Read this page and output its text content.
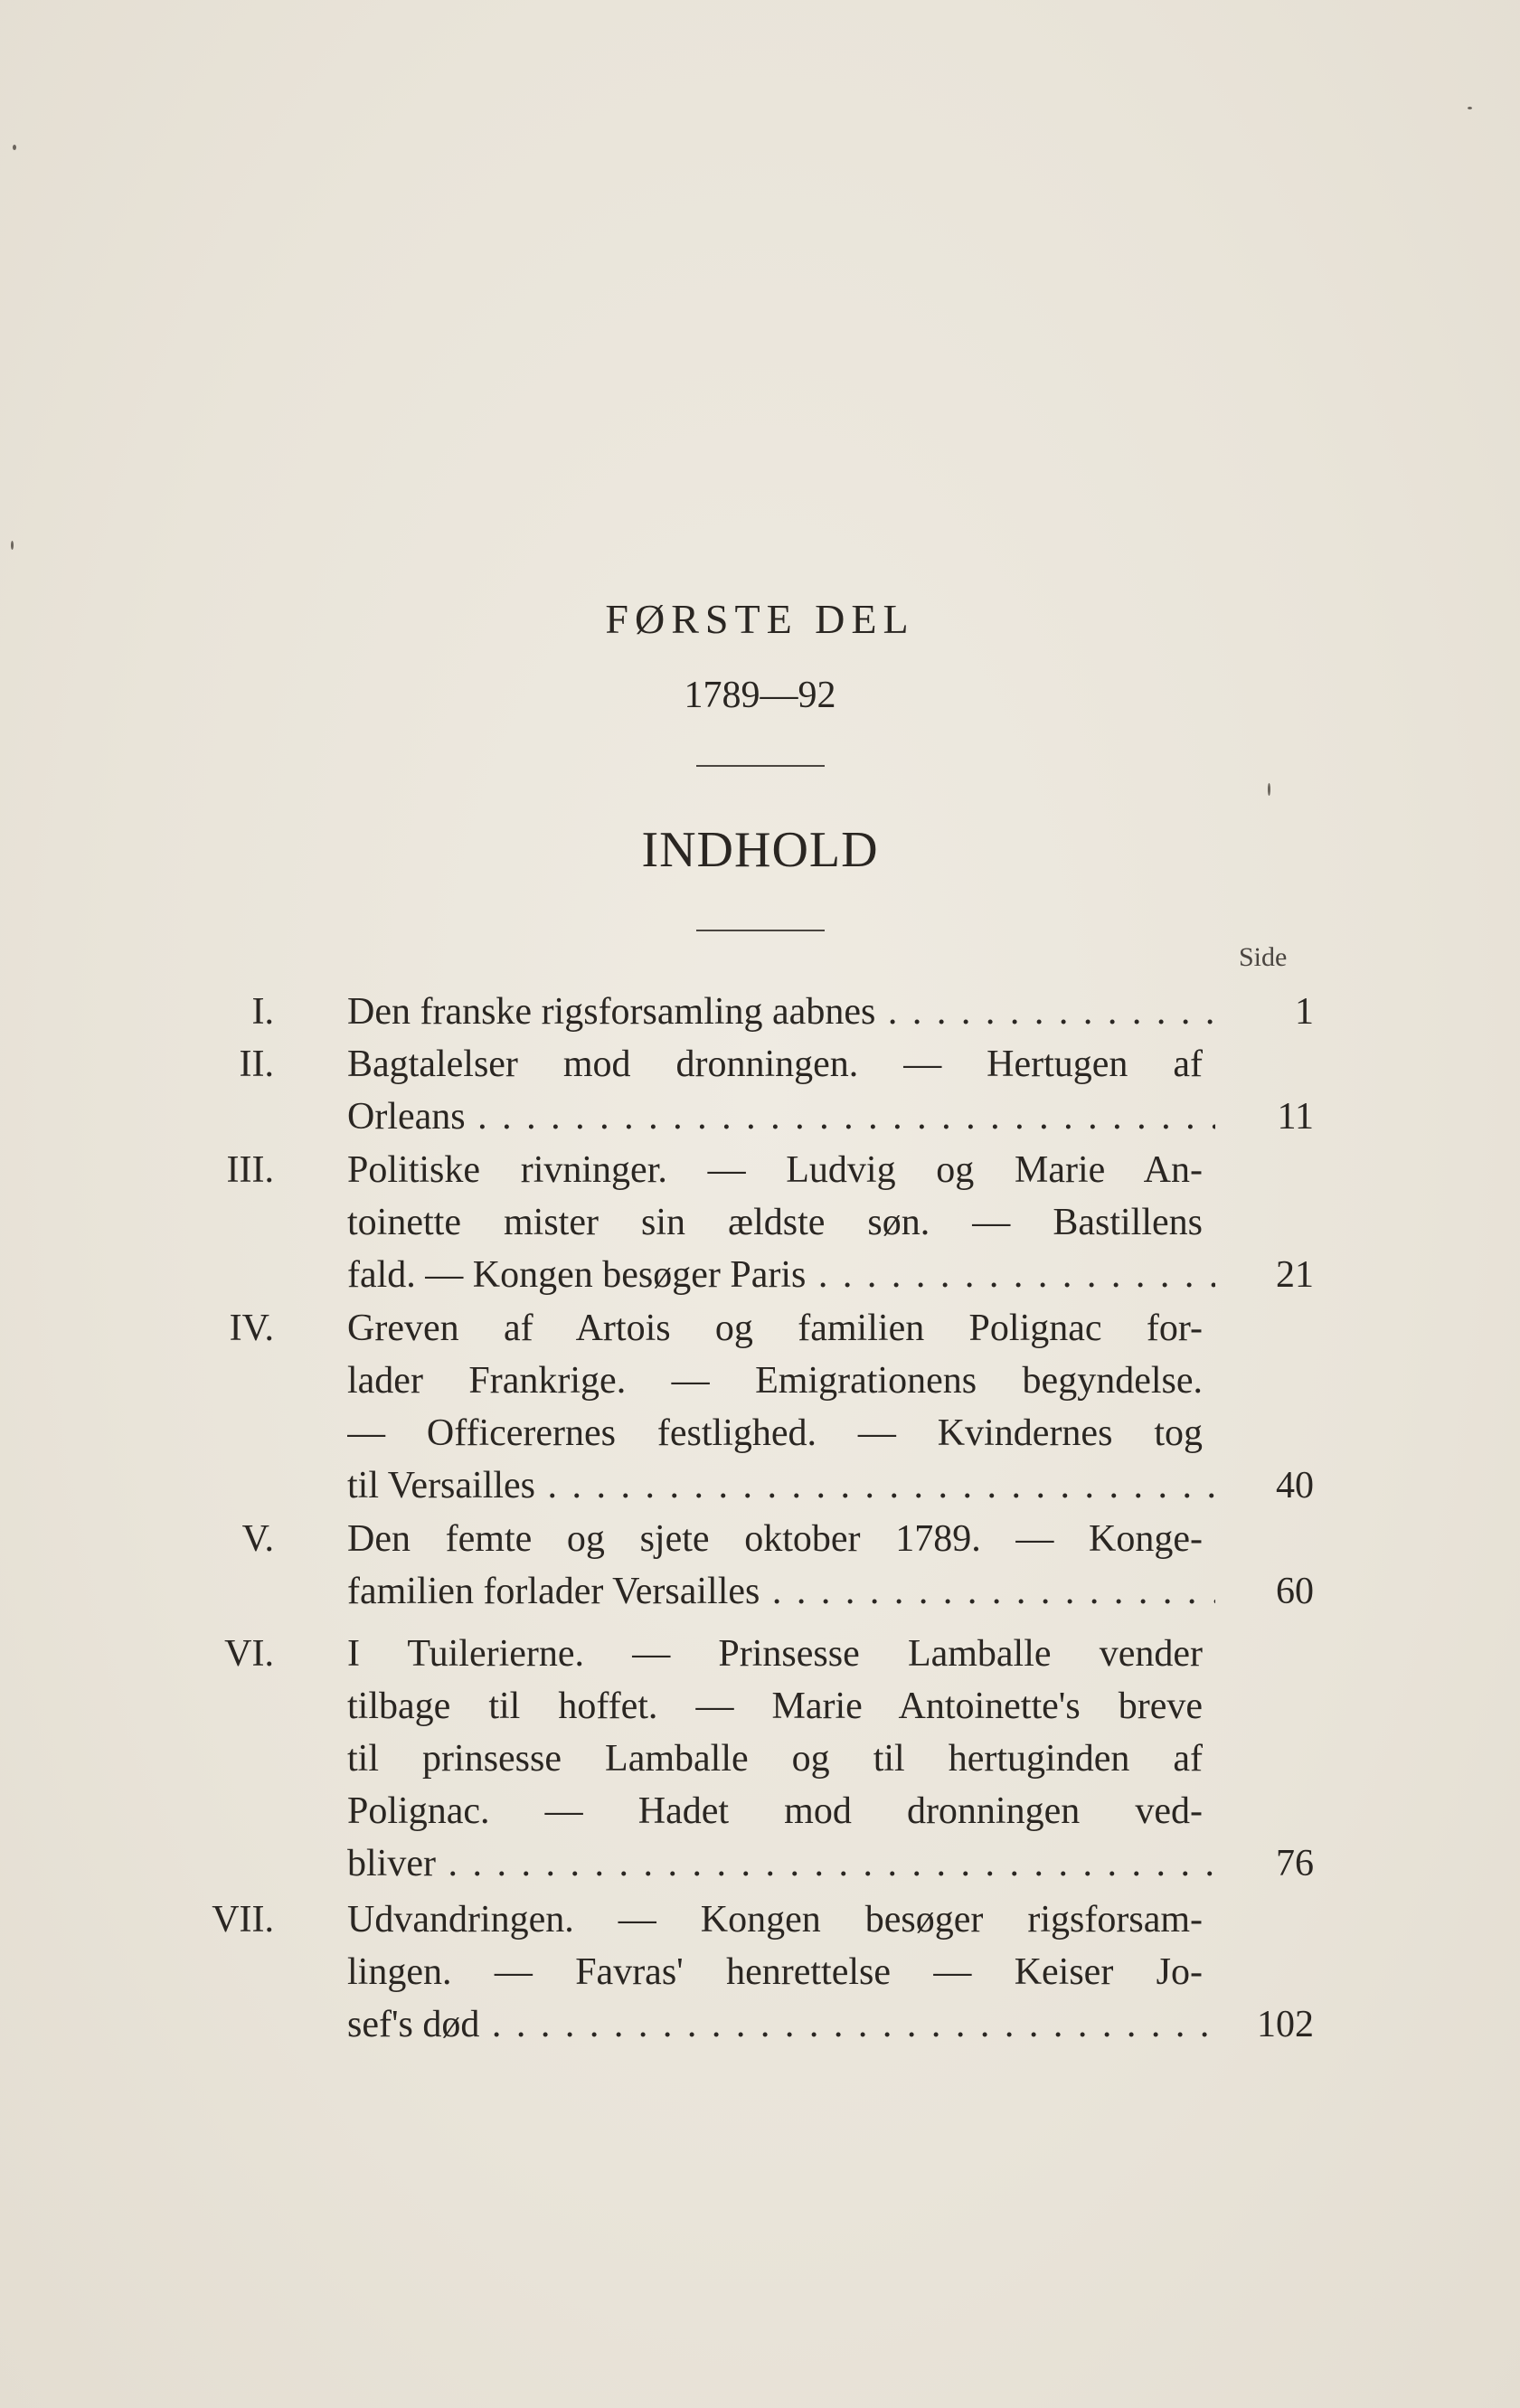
FØRSTE DEL
1789—92
INDHOLD
Side
I. Den franske rigsforsamling aabnes . . .	1
II. Bagtalelser mod dronningen. — Hertugen af
Orleans . . .	11
III. Politiske rivninger. — Ludvig og Marie An-
toinette mister sin ældste søn. — Bastillens
fald. — Kongen besøger Paris . . .	21
IV. Greven af Artois og familien Polignac for-
lader Frankrige. — Emigrationens begyndelse.
— Officerernes festlighed. — Kvindernes tog
til Versailles . . .	40
V. Den femte og sjete oktober 1789. — Konge-
familien forlader Versailles . . .	60
VI. I Tuilerierne. — Prinsesse Lamballe vender
tilbage til hoffet. — Marie Antoinette's breve
til prinsesse Lamballe og til hertuginden af
Polignac. — Hadet mod dronningen ved-
bliver . . .	76
VII. Udvandringen. — Kongen besøger rigsforsam-
lingen. — Favras' henrettelse — Keiser Jo-
sef's død . . .	102
